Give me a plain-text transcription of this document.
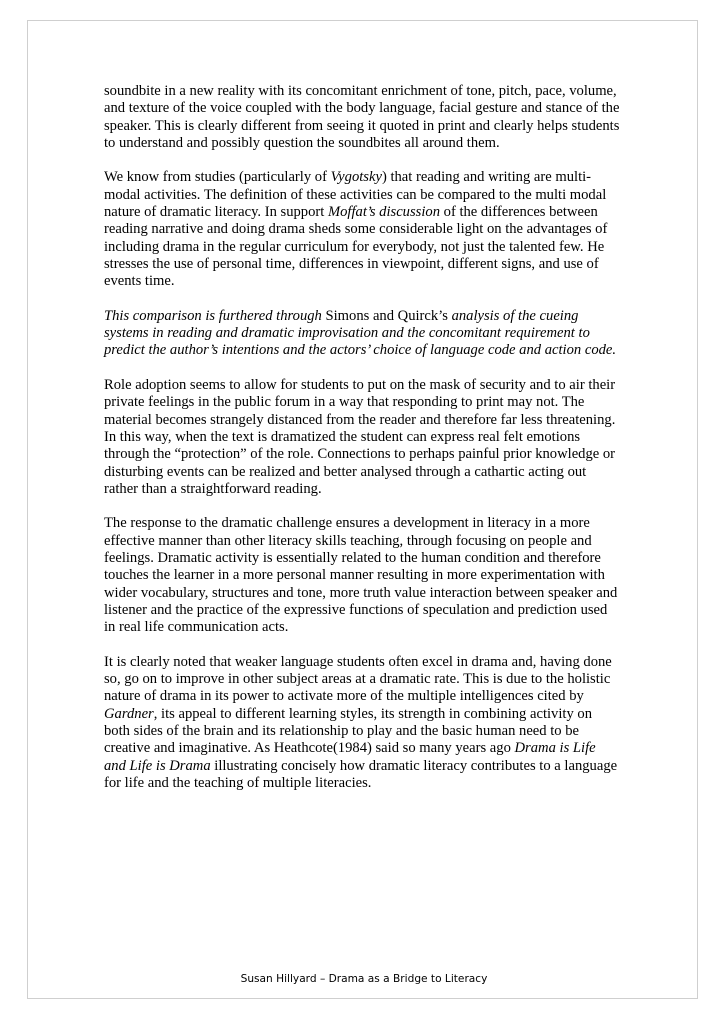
soundbite in a new reality with its concomitant enrichment of tone, pitch, pace, volume,
and texture of the voice coupled with the body language, facial gesture and stance of the
speaker. This is clearly different from seeing it quoted in print and clearly helps students
to understand and possibly question the soundbites all around them.

We know from studies (particularly of Vygotsky) that reading and writing are multi-
modal activities. The definition of these activities can be compared to the multi modal
nature of dramatic literacy. In support Moffat’s discussion of the differences between
reading narrative and doing drama sheds some considerable light on the advantages of
including drama in the regular curriculum for everybody, not just the talented few. He
stresses the use of personal time, differences in viewpoint, different signs, and use of
events time.

This comparison is furthered through Simons and Quirck’s analysis of the cueing
systems in reading and dramatic improvisation and the concomitant requirement to
predict the author’s intentions and the actors’ choice of language code and action code.

Role adoption seems to allow for students to put on the mask of security and to air their
private feelings in the public forum in a way that responding to print may not. The
material becomes strangely distanced from the reader and therefore far less threatening.
In this way, when the text is dramatized the student can express real felt emotions
through the “protection” of the role. Connections to perhaps painful prior knowledge or
disturbing events can be realized and better analysed through a cathartic acting out
rather than a straightforward reading.

The response to the dramatic challenge ensures a development in literacy in a more
effective manner than other literacy skills teaching, through focusing on people and
feelings. Dramatic activity is essentially related to the human condition and therefore
touches the learner in a more personal manner resulting in more experimentation with
wider vocabulary, structures and tone, more truth value interaction between speaker and
listener and the practice of the expressive functions of speculation and prediction used
in real life communication acts.

It is clearly noted that weaker language students often excel in drama and, having done
so, go on to improve in other subject areas at a dramatic rate. This is due to the holistic
nature of drama in its power to activate more of the multiple intelligences cited by
Gardner, its appeal to different learning styles, its strength in combining activity on
both sides of the brain and its relationship to play and the basic human need to be
creative and imaginative. As Heathcote(1984) said so many years ago Drama is Life
and Life is Drama illustrating concisely how dramatic literacy contributes to a language
for life and the teaching of multiple literacies.

Susan Hillyard – Drama as a Bridge to Literacy
